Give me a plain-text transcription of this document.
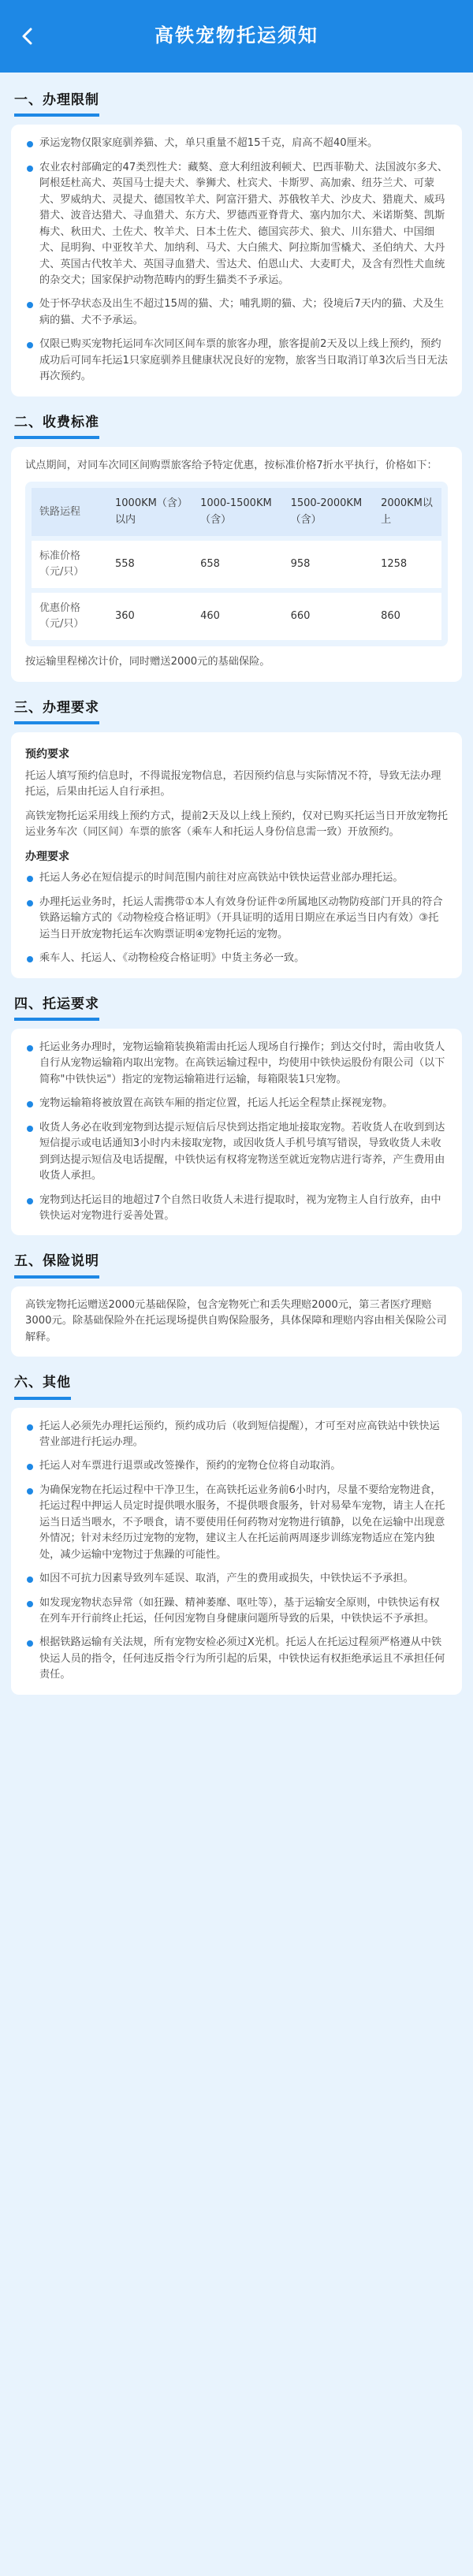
高铁宠物托运须知
一、办理限制
承运宠物仅限家庭驯养猫、犬，单只重量不超15千克，肩高不超40厘米。
农业农村部确定的47类烈性犬：藏獒、意大利纽波利顿犬、巴西菲勒犬、法国波尔多犬、阿根廷杜高犬、英国马士提夫犬、拳狮犬、杜宾犬、卡斯罗、高加索、纽芬兰犬、可蒙犬、罗威纳犬、灵提犬、德国牧羊犬、阿富汗猎犬、苏俄牧羊犬、沙皮犬、猎鹿犬、威玛猎犬、波音达猎犬、寻血猎犬、东方犬、罗德西亚脊背犬、塞内加尔犬、米诺斯獒、凯斯梅犬、秋田犬、土佐犬、牧羊犬、日本土佐犬、德国宾莎犬、狼犬、川东猎犬、中国细犬、昆明狗、中亚牧羊犬、加纳利、马犬、大白熊犬、阿拉斯加雪橇犬、圣伯纳犬、大丹犬、英国古代牧羊犬、英国寻血猎犬、雪达犬、伯恩山犬、大麦町犬，及含有烈性犬血统的杂交犬；国家保护动物范畴内的野生猫类不予承运。
处于怀孕状态及出生不超过15周的猫、犬；哺乳期的猫、犬；役境后7天内的猫、犬及生病的猫、犬不予承运。
仅限已购买宠物托运同车次同区间车票的旅客办理，旅客提前2天及以上线上预约，预约成功后可同车托运1只家庭驯养且健康状况良好的宠物，旅客当日取消订单3次后当日无法再次预约。
二、收费标准
试点期间，对同车次同区间购票旅客给予特定优惠，按标准价格7折水平执行，价格如下：
铁路运程	1000KM（含）以内	1000-1500KM（含）	1500-2000KM（含）	2000KM以上
标准价格（元/只）	558	658	958	1258
优惠价格（元/只）	360	460	660	860
按运输里程梯次计价，同时赠送2000元的基础保险。
三、办理要求
预约要求
托运人填写预约信息时，不得谎报宠物信息，若因预约信息与实际情况不符，导致无法办理托运，后果由托运人自行承担。
高铁宠物托运采用线上预约方式，提前2天及以上线上预约，仅对已购买托运当日开放宠物托运业务车次（同区间）车票的旅客（乘车人和托运人身份信息需一致）开放预约。
办理要求
托运人务必在短信提示的时间范围内前往对应高铁站中铁快运营业部办理托运。
办理托运业务时，托运人需携带①本人有效身份证件②所属地区动物防疫部门开具的符合铁路运输方式的《动物检疫合格证明》（开具证明的适用日期应在承运当日内有效）③托运当日开放宠物托运车次购票证明④宠物托运的宠物。
乘车人、托运人、《动物检疫合格证明》中货主务必一致。
四、托运要求
托运业务办理时，宠物运输箱装换箱需由托运人现场自行操作；到达交付时，需由收货人自行从宠物运输箱内取出宠物。在高铁运输过程中，均使用中铁快运股份有限公司（以下简称"中铁快运"）指定的宠物运输箱进行运输，每箱限装1只宠物。
宠物运输箱将被放置在高铁车厢的指定位置，托运人托运全程禁止探视宠物。
收货人务必在收到宠物到达提示短信后尽快到达指定地址接取宠物。若收货人在收到到达短信提示或电话通知3小时内未接取宠物，或因收货人手机号填写错误，导致收货人未收到到达提示短信及电话提醒，中铁快运有权将宠物送至就近宠物店进行寄养，产生费用由收货人承担。
宠物到达托运目的地超过7个自然日收货人未进行提取时，视为宠物主人自行放弃，由中铁快运对宠物进行妥善处置。
五、保险说明
高铁宠物托运赠送2000元基础保险，包含宠物死亡和丢失理赔2000元，第三者医疗理赔3000元。除基础保险外在托运现场提供自购保险服务，具体保障和理赔内容由相关保险公司解释。
六、其他
托运人必须先办理托运预约，预约成功后（收到短信提醒），才可至对应高铁站中铁快运营业部进行托运办理。
托运人对车票进行退票或改签操作，预约的宠物仓位将自动取消。
为确保宠物在托运过程中干净卫生，在高铁托运业务前6小时内，尽量不要给宠物进食，托运过程中押运人员定时提供喂水服务，不提供喂食服务，针对易晕车宠物，请主人在托运当日适当喂水，不予喂食，请不要使用任何药物对宠物进行镇静，以免在运输中出现意外情况；针对未经历过宠物的宠物，建议主人在托运前两周逐步训练宠物适应在笼内独处，减少运输中宠物过于焦躁的可能性。
如因不可抗力因素导致列车延误、取消，产生的费用或损失，中铁快运不予承担。
如发现宠物状态异常（如狂躁、精神萎靡、呕吐等），基于运输安全原则，中铁快运有权在列车开行前终止托运，任何因宠物自身健康问题所导致的后果，中铁快运不予承担。
根据铁路运输有关法规，所有宠物安检必须过X光机。托运人在托运过程须严格遵从中铁快运人员的指令，任何违反指令行为所引起的后果，中铁快运有权拒绝承运且不承担任何责任。
